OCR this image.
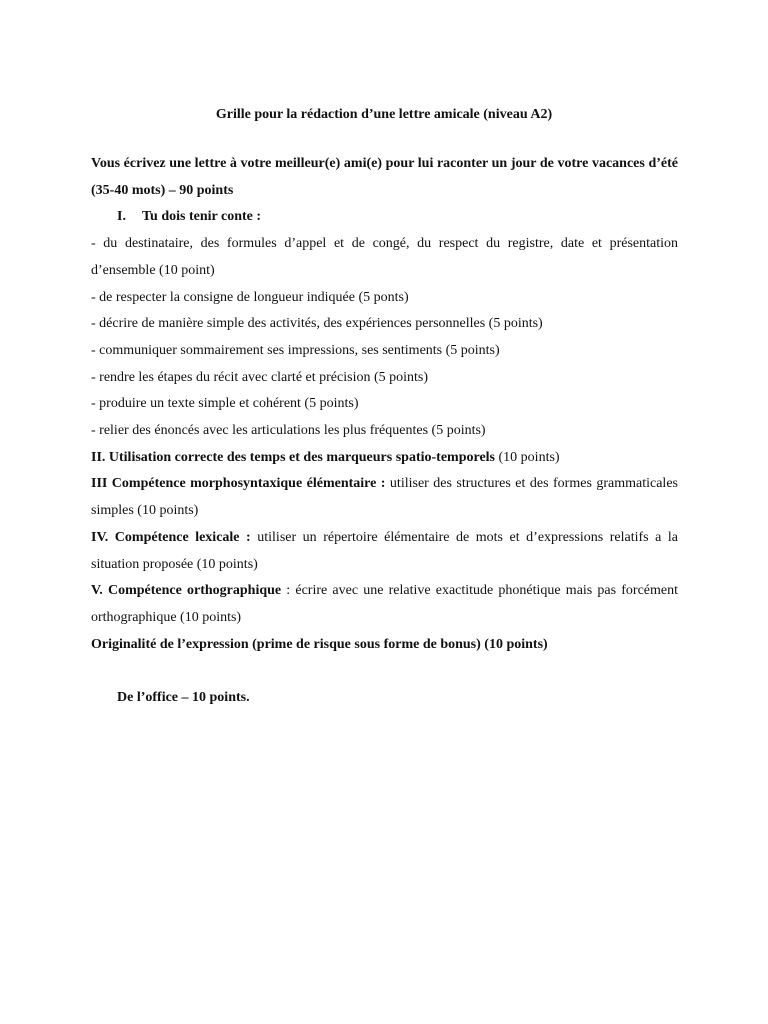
Grille pour la rédaction d’une lettre amicale (niveau A2)

Vous écrivez une lettre à votre meilleur(e) ami(e) pour lui raconter un jour de votre vacances d’été (35-40 mots) – 90 points

I. Tu dois tenir conte :

- du destinataire, des formules d’appel et de congé, du respect du registre, date et présentation d’ensemble (10 point)

- de respecter la consigne de longueur indiquée (5 ponts)

- décrire de manière simple des activités, des expériences personnelles (5 points)

- communiquer sommairement ses impressions, ses sentiments (5 points)

- rendre les étapes du récit avec clarté et précision (5 points)

- produire un texte simple et cohérent (5 points)

- relier des énoncés avec les articulations les plus fréquentes (5 points)

II. Utilisation correcte des temps et des marqueurs spatio-temporels (10 points)

III Compétence morphosyntaxique élémentaire : utiliser des structures et des formes grammaticales simples (10 points)

IV. Compétence lexicale : utiliser un répertoire élémentaire de mots et d’expressions relatifs a la situation proposée (10 points)

V. Compétence orthographique : écrire avec une relative exactitude phonétique mais pas forcément orthographique (10 points)

Originalité de l’expression (prime de risque sous forme de bonus) (10 points)

De l’office – 10 points.
